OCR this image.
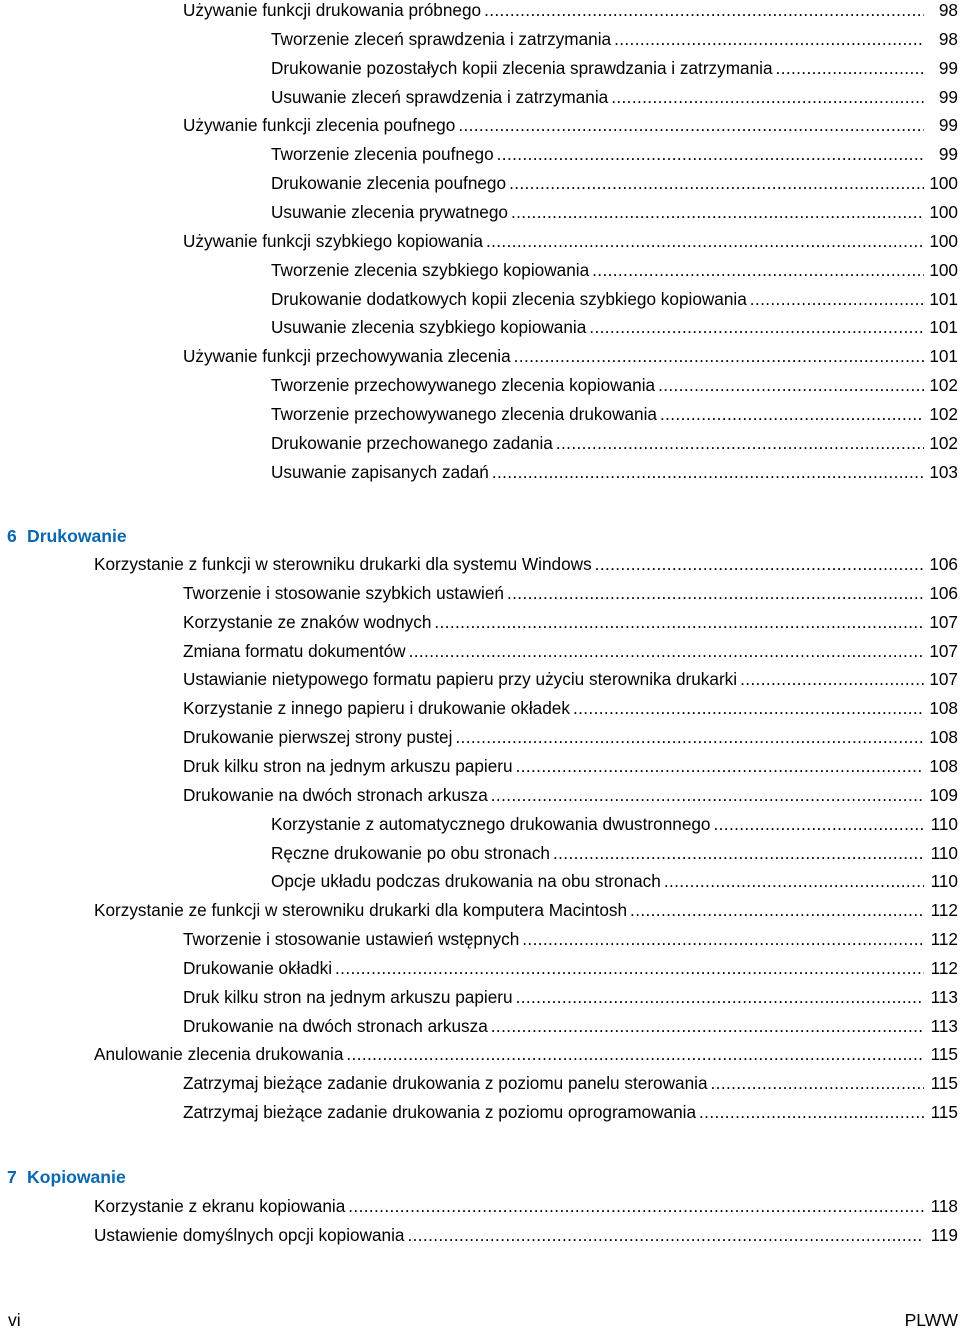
Używanie funkcji drukowania próbnego . . .	98
Tworzenie zleceń sprawdzenia i zatrzymania . . .	98
Drukowanie pozostałych kopii zlecenia sprawdzania i zatrzymania . . .	99
Usuwanie zleceń sprawdzenia i zatrzymania . . .	99
Używanie funkcji zlecenia poufnego . . .	99
Tworzenie zlecenia poufnego . . .	99
Drukowanie zlecenia poufnego . . .	100
Usuwanie zlecenia prywatnego . . .	100
Używanie funkcji szybkiego kopiowania . . .	100
Tworzenie zlecenia szybkiego kopiowania . . .	100
Drukowanie dodatkowych kopii zlecenia szybkiego kopiowania . . .	101
Usuwanie zlecenia szybkiego kopiowania . . .	101
Używanie funkcji przechowywania zlecenia . . .	101
Tworzenie przechowywanego zlecenia kopiowania . . .	102
Tworzenie przechowywanego zlecenia drukowania . . .	102
Drukowanie przechowanego zadania . . .	102
Usuwanie zapisanych zadań . . .	103
6 Drukowanie
Korzystanie z funkcji w sterowniku drukarki dla systemu Windows . . .	106
Tworzenie i stosowanie szybkich ustawień . . .	106
Korzystanie ze znaków wodnych . . .	107
Zmiana formatu dokumentów . . .	107
Ustawianie nietypowego formatu papieru przy użyciu sterownika drukarki . . .	107
Korzystanie z innego papieru i drukowanie okładek . . .	108
Drukowanie pierwszej strony pustej . . .	108
Druk kilku stron na jednym arkuszu papieru . . .	108
Drukowanie na dwóch stronach arkusza . . .	109
Korzystanie z automatycznego drukowania dwustronnego . . .	110
Ręczne drukowanie po obu stronach . . .	110
Opcje układu podczas drukowania na obu stronach . . .	110
Korzystanie ze funkcji w sterowniku drukarki dla komputera Macintosh . . .	112
Tworzenie i stosowanie ustawień wstępnych . . .	112
Drukowanie okładki . . .	112
Druk kilku stron na jednym arkuszu papieru . . .	113
Drukowanie na dwóch stronach arkusza . . .	113
Anulowanie zlecenia drukowania . . .	115
Zatrzymaj bieżące zadanie drukowania z poziomu panelu sterowania . . .	115
Zatrzymaj bieżące zadanie drukowania z poziomu oprogramowania . . .	115
7 Kopiowanie
Korzystanie z ekranu kopiowania . . .	118
Ustawienie domyślnych opcji kopiowania . . .	119
vi	PLWW
